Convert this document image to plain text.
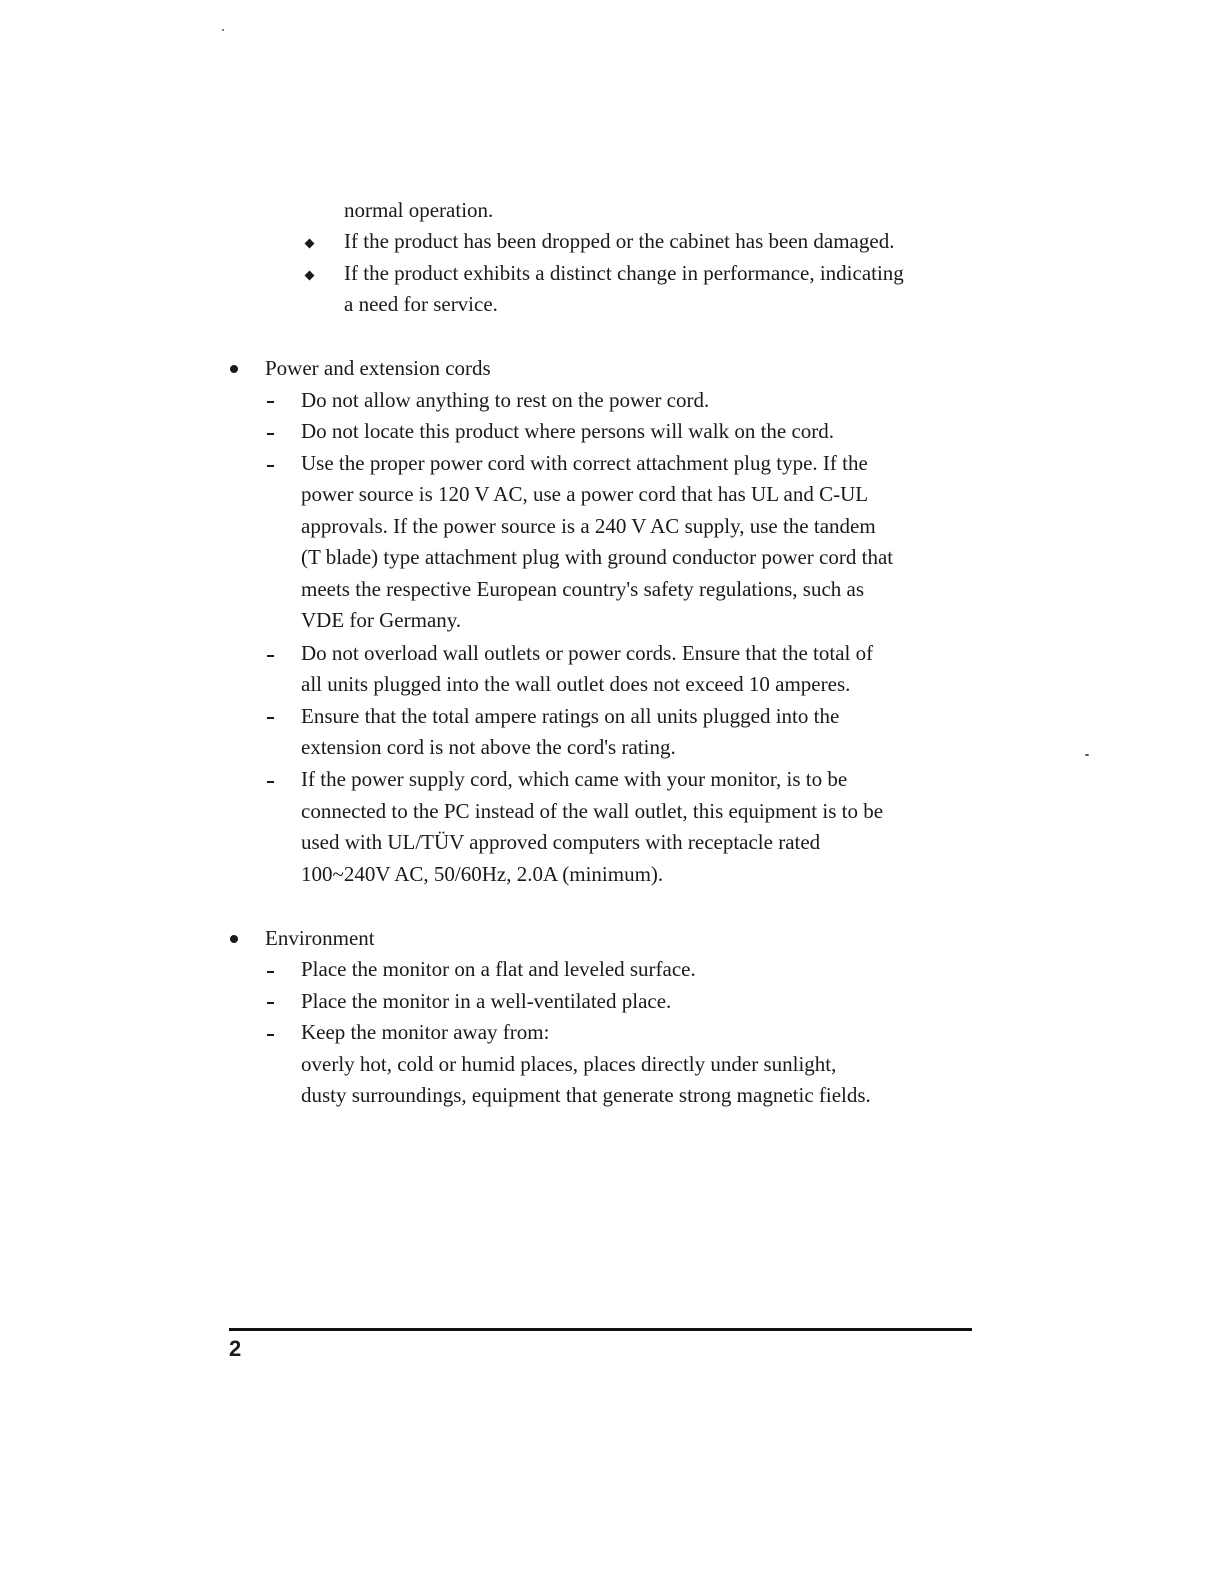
normal operation.
If the product has been dropped or the cabinet has been damaged.
If the product exhibits a distinct change in performance, indicating
a need for service.
Power and extension cords
Do not allow anything to rest on the power cord.
Do not locate this product where persons will walk on the cord.
Use the proper power cord with correct attachment plug type. If the
power source is 120 V AC, use a power cord that has UL and C-UL
approvals. If the power source is a 240 V AC supply, use the tandem
(T blade) type attachment plug with ground conductor power cord that
meets the respective European country's safety regulations, such as
VDE for Germany.
Do not overload wall outlets or power cords. Ensure that the total of
all units plugged into the wall outlet does not exceed 10 amperes.
Ensure that the total ampere ratings on all units plugged into the
extension cord is not above the cord's rating.
If the power supply cord, which came with your monitor, is to be
connected to the PC instead of the wall outlet, this equipment is to be
used with UL/TÜV approved computers with receptacle rated
100~240V AC, 50/60Hz, 2.0A (minimum).
Environment
Place the monitor on a flat and leveled surface.
Place the monitor in a well-ventilated place.
Keep the monitor away from:
overly hot, cold or humid places, places directly under sunlight,
dusty surroundings, equipment that generate strong magnetic fields.
2
